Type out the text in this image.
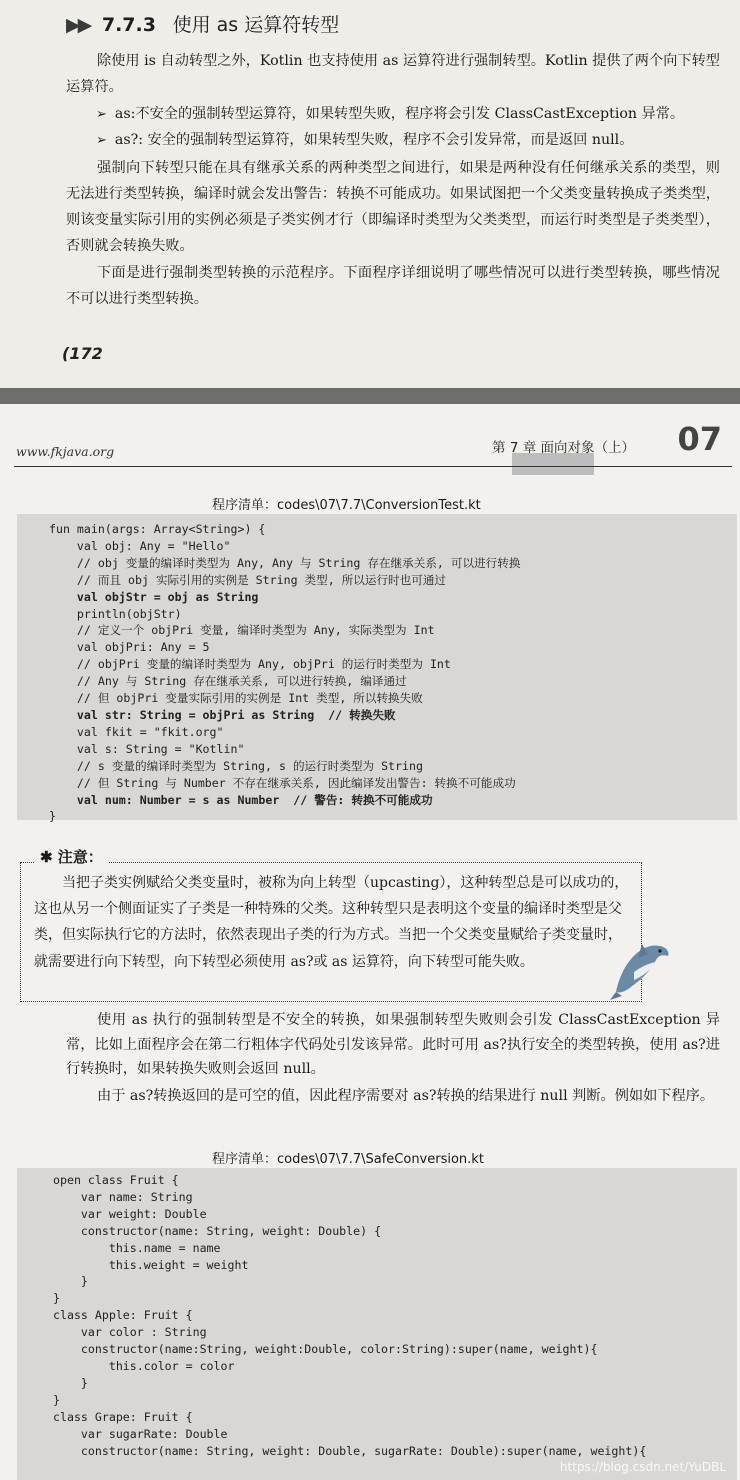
▶▶ 7.7.3 使用 as 运算符转型

除使用 is 自动转型之外，Kotlin 也支持使用 as 运算符进行强制转型。Kotlin 提供了两个向下转型运算符。

➢ as:不安全的强制转型运算符，如果转型失败，程序将会引发 ClassCastException 异常。

➢ as?: 安全的强制转型运算符，如果转型失败，程序不会引发异常，而是返回 null。

强制向下转型只能在具有继承关系的两种类型之间进行，如果是两种没有任何继承关系的类型，则无法进行类型转换，编译时就会发出警告：转换不可能成功。如果试图把一个父类变量转换成子类类型，则该变量实际引用的实例必须是子类实例才行（即编译时类型为父类类型，而运行时类型是子类类型），否则就会转换失败。

下面是进行强制类型转换的示范程序。下面程序详细说明了哪些情况可以进行类型转换，哪些情况不可以进行类型转换。

(172
www.fkjava.org	第 7 章 面向对象（上） 07
程序清单：codes\07\7.7\ConversionTest.kt
fun main(args: Array<String>) {
val obj: Any = "Hello"
// obj 变量的编译时类型为 Any, Any 与 String 存在继承关系, 可以进行转换
// 而且 obj 实际引用的实例是 String 类型, 所以运行时也可通过
val objStr = obj as String
println(objStr)
// 定义一个 objPri 变量, 编译时类型为 Any, 实际类型为 Int
val objPri: Any = 5
// objPri 变量的编译时类型为 Any, objPri 的运行时类型为 Int
// Any 与 String 存在继承关系, 可以进行转换, 编译通过
// 但 objPri 变量实际引用的实例是 Int 类型, 所以转换失败
val str: String = objPri as String  // 转换失败
val fkit = "fkit.org"
val s: String = "Kotlin"
// s 变量的编译时类型为 String, s 的运行时类型为 String
// 但 String 与 Number 不存在继承关系, 因此编译发出警告: 转换不可能成功
val num: Number = s as Number  // 警告: 转换不可能成功
}
✱ 注意：

当把子类实例赋给父类变量时，被称为向上转型（upcasting），这种转型总是可以成功的，这也从另一个侧面证实了子类是一种特殊的父类。这种转型只是表明这个变量的编译时类型是父类，但实际执行它的方法时，依然表现出子类的行为方式。当把一个父类变量赋给子类变量时，就需要进行向下转型，向下转型必须使用 as?或 as 运算符，向下转型可能失败。

使用 as 执行的强制转型是不安全的转换，如果强制转型失败则会引发 ClassCastException 异常，比如上面程序会在第二行粗体字代码处引发该异常。此时可用 as?执行安全的类型转换，使用 as?进行转换时，如果转换失败则会返回 null。

由于 as?转换返回的是可空的值，因此程序需要对 as?转换的结果进行 null 判断。例如如下程序。

程序清单：codes\07\7.7\SafeConversion.kt
open class Fruit {
var name: String
var weight: Double
constructor(name: String, weight: Double) {
this.name = name
this.weight = weight
}
}
class Apple: Fruit {
var color : String
constructor(name:String, weight:Double, color:String):super(name, weight){
this.color = color
}
}
class Grape: Fruit {
var sugarRate: Double
constructor(name: String, weight: Double, sugarRate: Double):super(name, weight){
https://blog.csdn.net/YuDBL
